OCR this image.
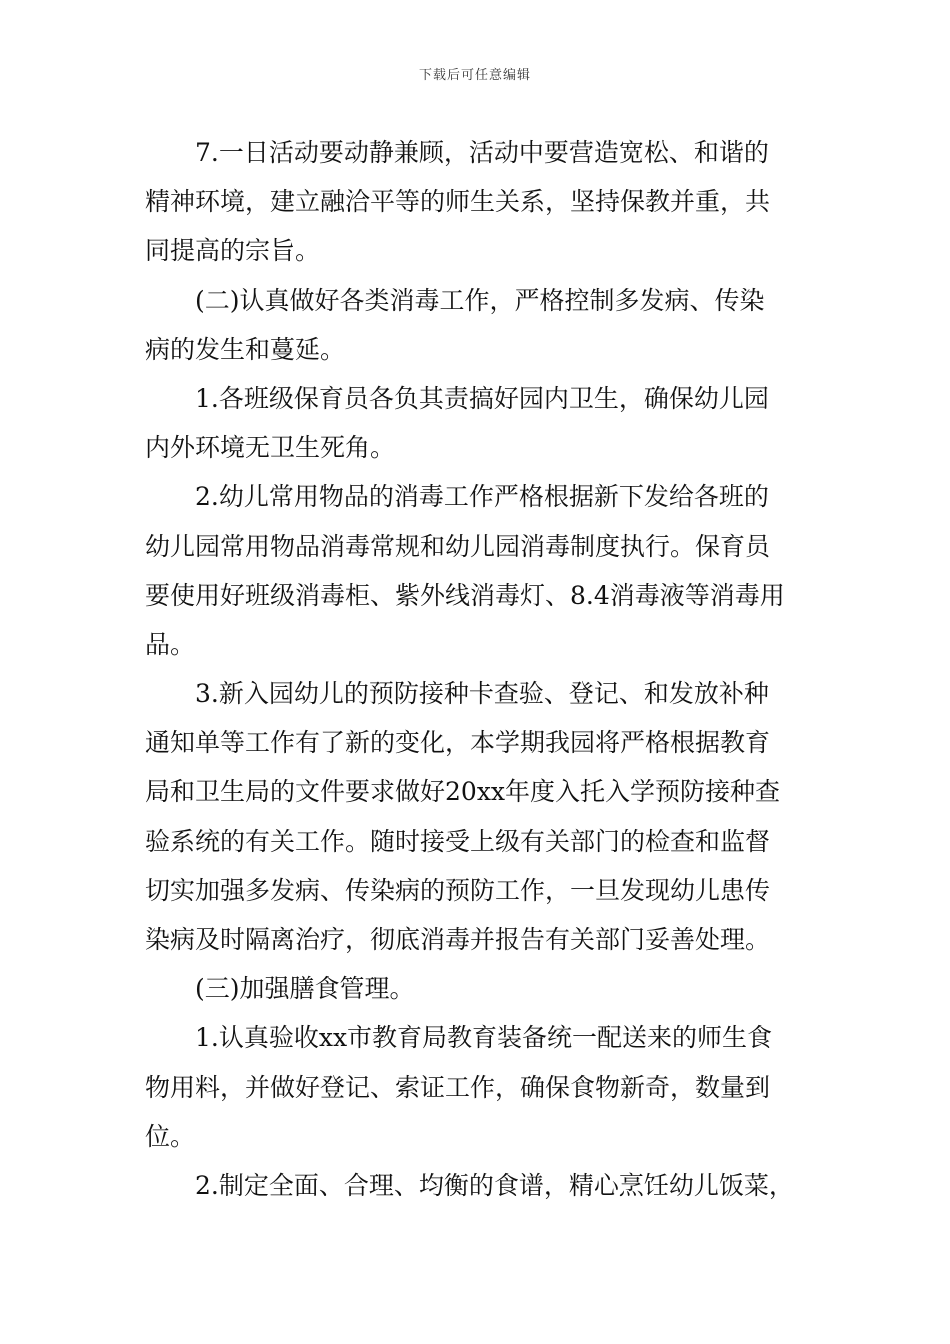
下载后可任意编辑
7.一日活动要动静兼顾，活动中要营造宽松、和谐的
精神环境，建立融洽平等的师生关系，坚持保教并重，共
同提高的宗旨。
(二)认真做好各类消毒工作，严格控制多发病、传染
病的发生和蔓延。
1.各班级保育员各负其责搞好园内卫生，确保幼儿园
内外环境无卫生死角。
2.幼儿常用物品的消毒工作严格根据新下发给各班的
幼儿园常用物品消毒常规和幼儿园消毒制度执行。保育员
要使用好班级消毒柜、紫外线消毒灯、8.4消毒液等消毒用
品。
3.新入园幼儿的预防接种卡查验、登记、和发放补种
通知单等工作有了新的变化，本学期我园将严格根据教育
局和卫生局的文件要求做好20xx年度入托入学预防接种查
验系统的有关工作。随时接受上级有关部门的检查和监督
切实加强多发病、传染病的预防工作，一旦发现幼儿患传
染病及时隔离治疗，彻底消毒并报告有关部门妥善处理。
(三)加强膳食管理。
1.认真验收xx市教育局教育装备统一配送来的师生食
物用料，并做好登记、索证工作，确保食物新奇，数量到
位。
2.制定全面、合理、均衡的食谱，精心烹饪幼儿饭菜，
